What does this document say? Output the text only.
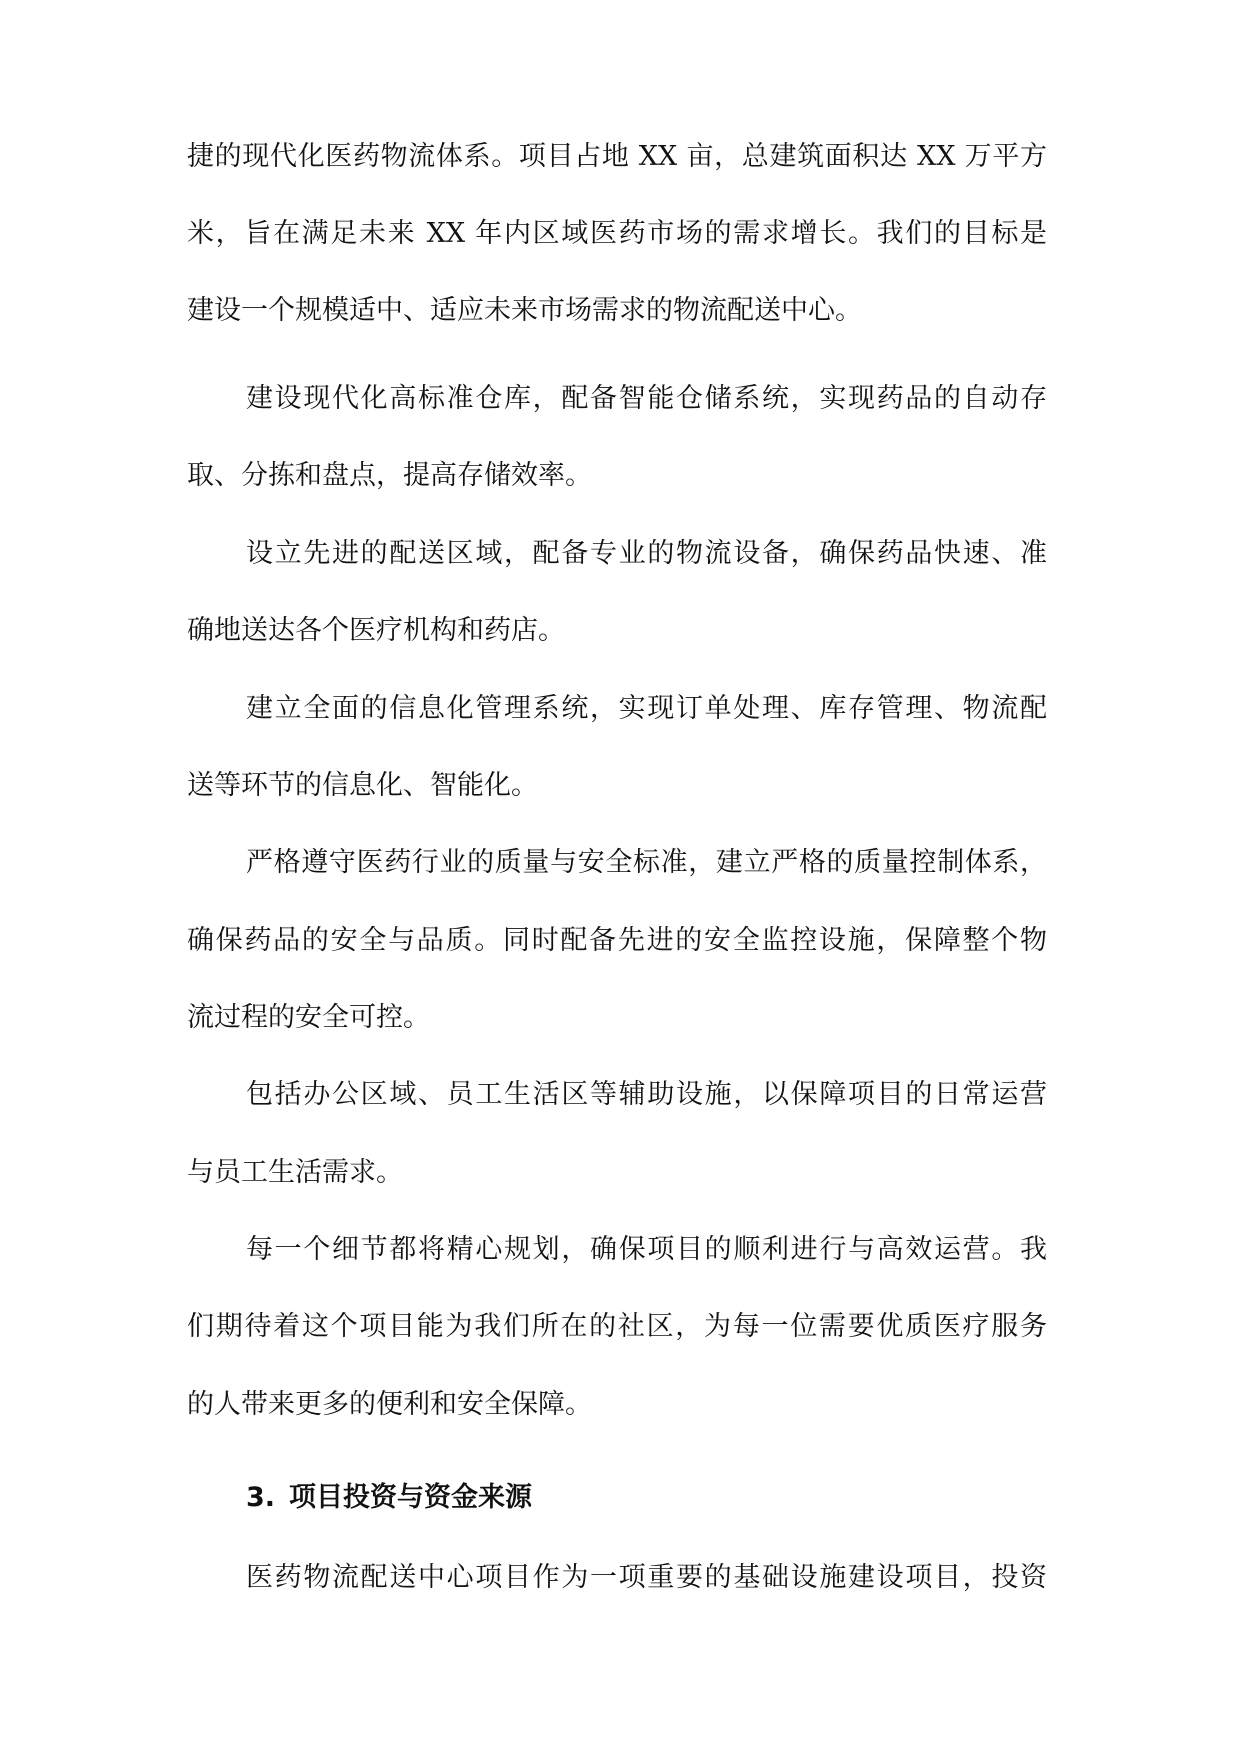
捷的现代化医药物流体系。项目占地 XX 亩，总建筑面积达 XX 万平方
米，旨在满足未来 XX 年内区域医药市场的需求增长。我们的目标是
建设一个规模适中、适应未来市场需求的物流配送中心。
建设现代化高标准仓库，配备智能仓储系统，实现药品的自动存
取、分拣和盘点，提高存储效率。
设立先进的配送区域，配备专业的物流设备，确保药品快速、准
确地送达各个医疗机构和药店。
建立全面的信息化管理系统，实现订单处理、库存管理、物流配
送等环节的信息化、智能化。
严格遵守医药行业的质量与安全标准，建立严格的质量控制体系，
确保药品的安全与品质。同时配备先进的安全监控设施，保障整个物
流过程的安全可控。
包括办公区域、员工生活区等辅助设施，以保障项目的日常运营
与员工生活需求。
每一个细节都将精心规划，确保项目的顺利进行与高效运营。我
们期待着这个项目能为我们所在的社区，为每一位需要优质医疗服务
的人带来更多的便利和安全保障。
3. 项目投资与资金来源
医药物流配送中心项目作为一项重要的基础设施建设项目，投资
